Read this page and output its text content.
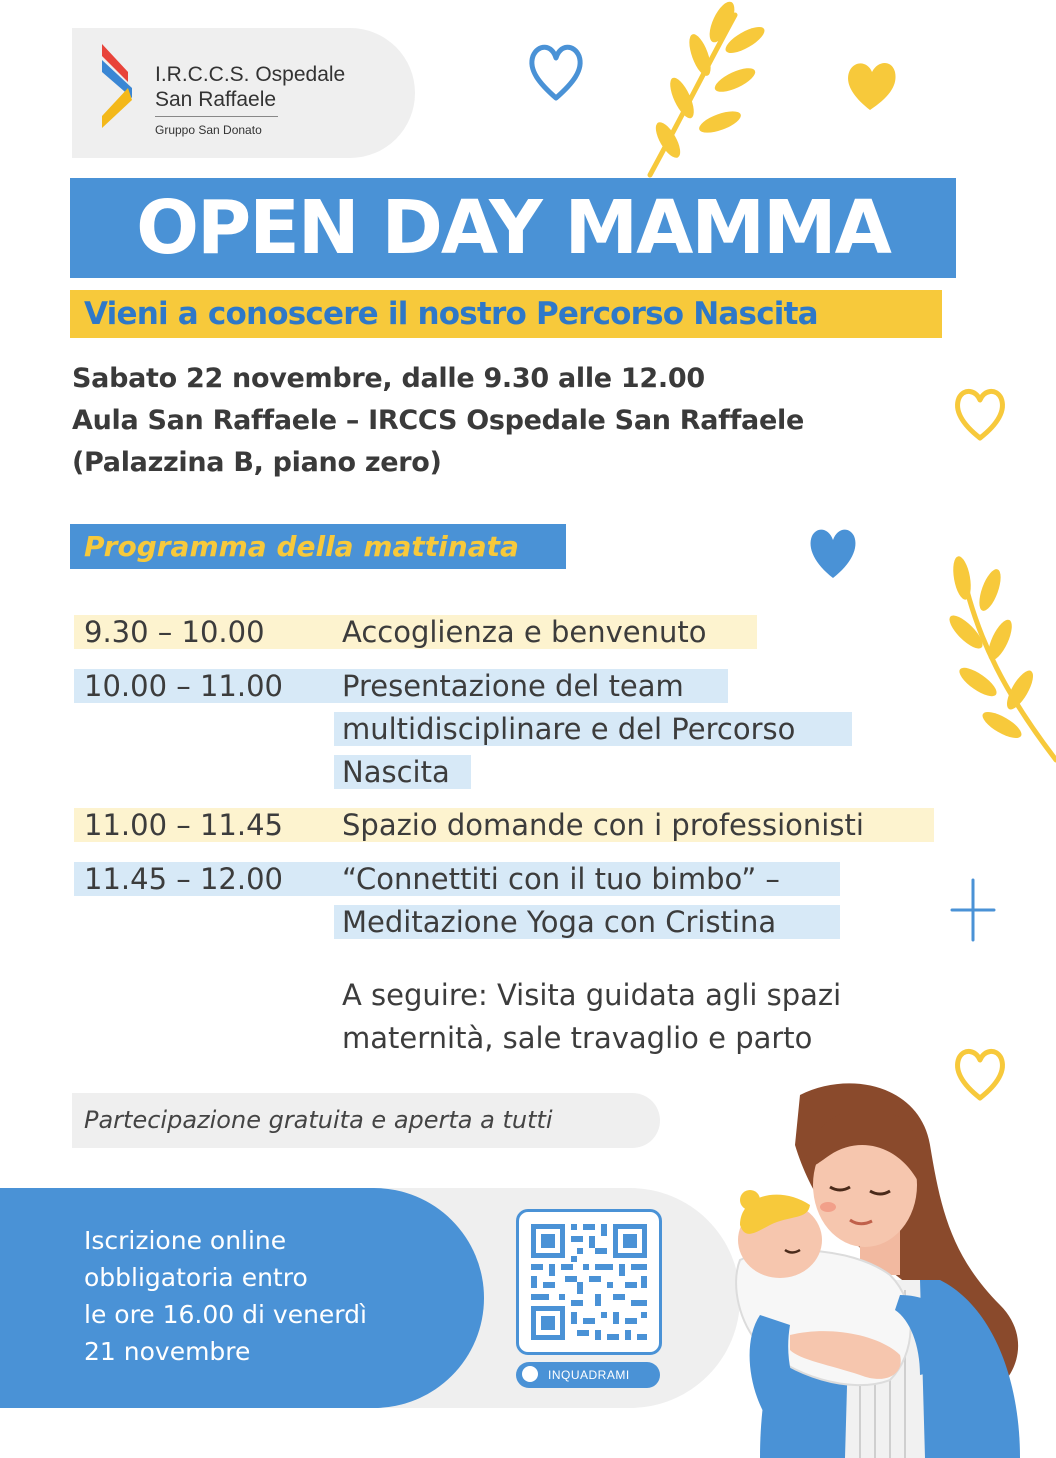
I.R.C.C.S. Ospedale
San Raffaele
Gruppo San Donato
OPEN DAY MAMMA
Vieni a conoscere il nostro Percorso Nascita
Sabato 22 novembre, dalle 9.30 alle 12.00
Aula San Raffaele – IRCCS Ospedale San Raffaele
(Palazzina B, piano zero)
Programma della mattinata
9.30 – 10.00	Accoglienza e benvenuto
10.00 – 11.00 Presentazione del team
multidisciplinare e del Percorso
Nascita
11.00 – 11.45 Spazio domande con i professionisti
11.45 – 12.00 “Connettiti con il tuo bimbo” –
Meditazione Yoga con Cristina
A seguire: Visita guidata agli spazi
maternità, sale travaglio e parto
Partecipazione gratuita e aperta a tutti
Iscrizione online
obbligatoria entro
le ore 16.00 di venerdì
21 novembre
INQUADRAMI
